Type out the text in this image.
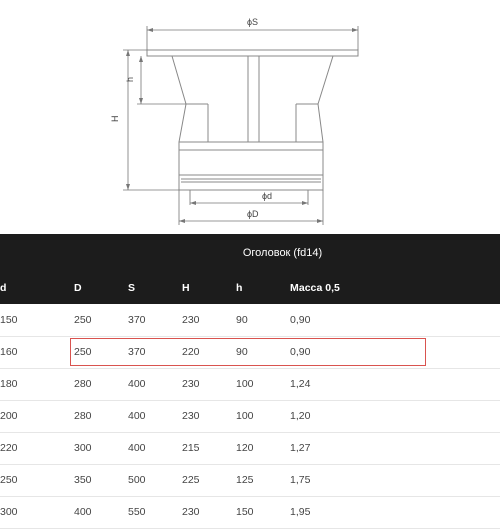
ϕS
H
h
ϕd
ϕD
Оголовок (fd14)					
d	D	S	H	h	Масса 0,5
150	250	370	230	90	0,90
160	250	370	220	90	0,90
180	280	400	230	100	1,24
200	280	400	230	100	1,20
220	300	400	215	120	1,27
250	350	500	225	125	1,75
300	400	550	230	150	1,95
